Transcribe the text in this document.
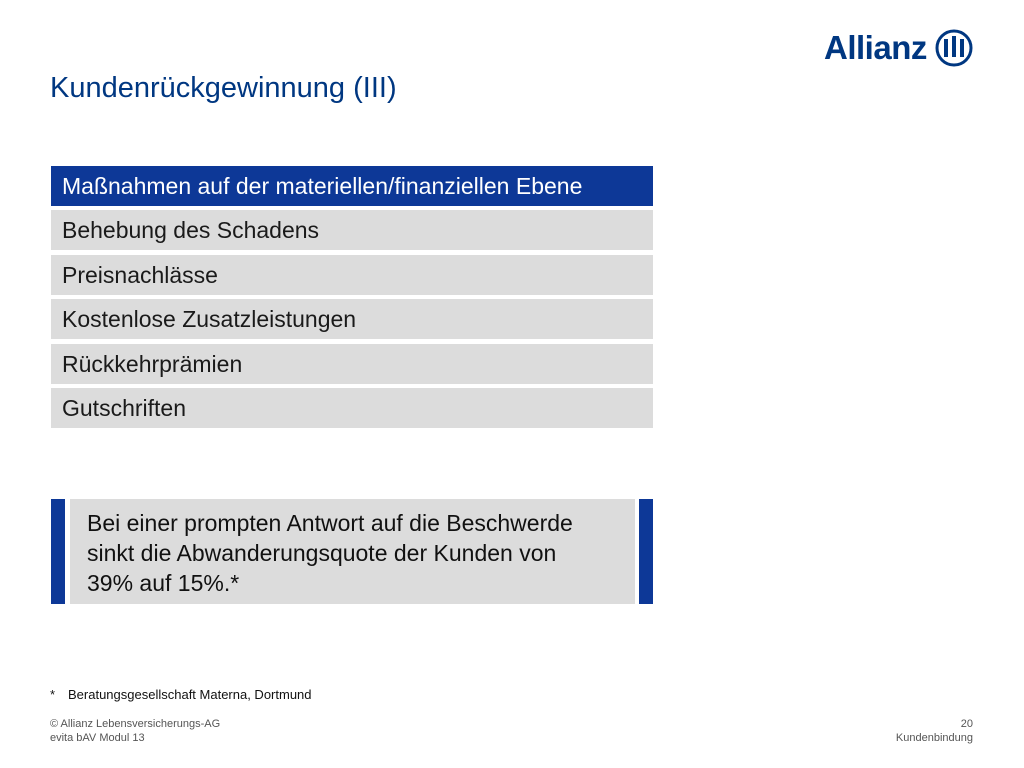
Allianz
Kundenrückgewinnung (III)
Maßnahmen auf der materiellen/finanziellen Ebene
Behebung des Schadens
Preisnachlässe
Kostenlose Zusatzleistungen
Rückkehrprämien
Gutschriften
Bei einer prompten Antwort auf die Beschwerde
sinkt die Abwanderungsquote der Kunden von
39% auf 15%.*
* Beratungsgesellschaft Materna, Dortmund
© Allianz Lebensversicherungs-AG
evita bAV Modul 13
20
Kundenbindung
